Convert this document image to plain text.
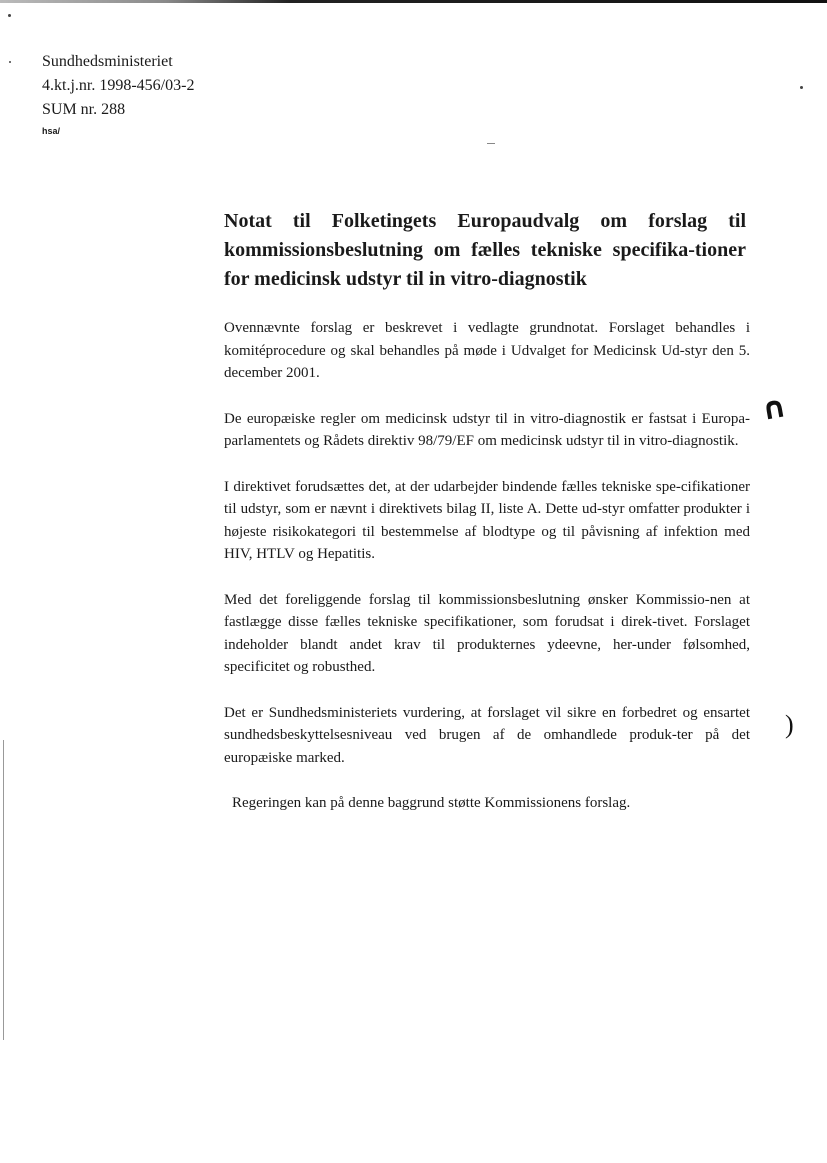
∩
)
Sundhedsministeriet
4.kt.j.nr. 1998-456/03-2
SUM nr. 288
hsa/
Notat til Folketingets Europaudvalg om forslag til kommissionsbeslutning om fælles tekniske specifika-tioner for medicinsk udstyr til in vitro-diagnostik

Ovennævnte forslag er beskrevet i vedlagte grundnotat. Forslaget behandles i komitéprocedure og skal behandles på møde i Udvalget for Medicinsk Ud-styr den 5. december 2001.

De europæiske regler om medicinsk udstyr til in vitro-diagnostik er fastsat i Europa-parlamentets og Rådets direktiv 98/79/EF om medicinsk udstyr til in vitro-diagnostik.

I direktivet forudsættes det, at der udarbejder bindende fælles tekniske spe-cifikationer til udstyr, som er nævnt i direktivets bilag II, liste A. Dette ud-styr omfatter produkter i højeste risikokategori til bestemmelse af blodtype og til påvisning af infektion med HIV, HTLV og Hepatitis.

Med det foreliggende forslag til kommissionsbeslutning ønsker Kommissio-nen at fastlægge disse fælles tekniske specifikationer, som forudsat i direk-tivet. Forslaget indeholder blandt andet krav til produkternes ydeevne, her-under følsomhed, specificitet og robusthed.

Det er Sundhedsministeriets vurdering, at forslaget vil sikre en forbedret og ensartet sundhedsbeskyttelsesniveau ved brugen af de omhandlede produk-ter på det europæiske marked.

Regeringen kan på denne baggrund støtte Kommissionens forslag.
